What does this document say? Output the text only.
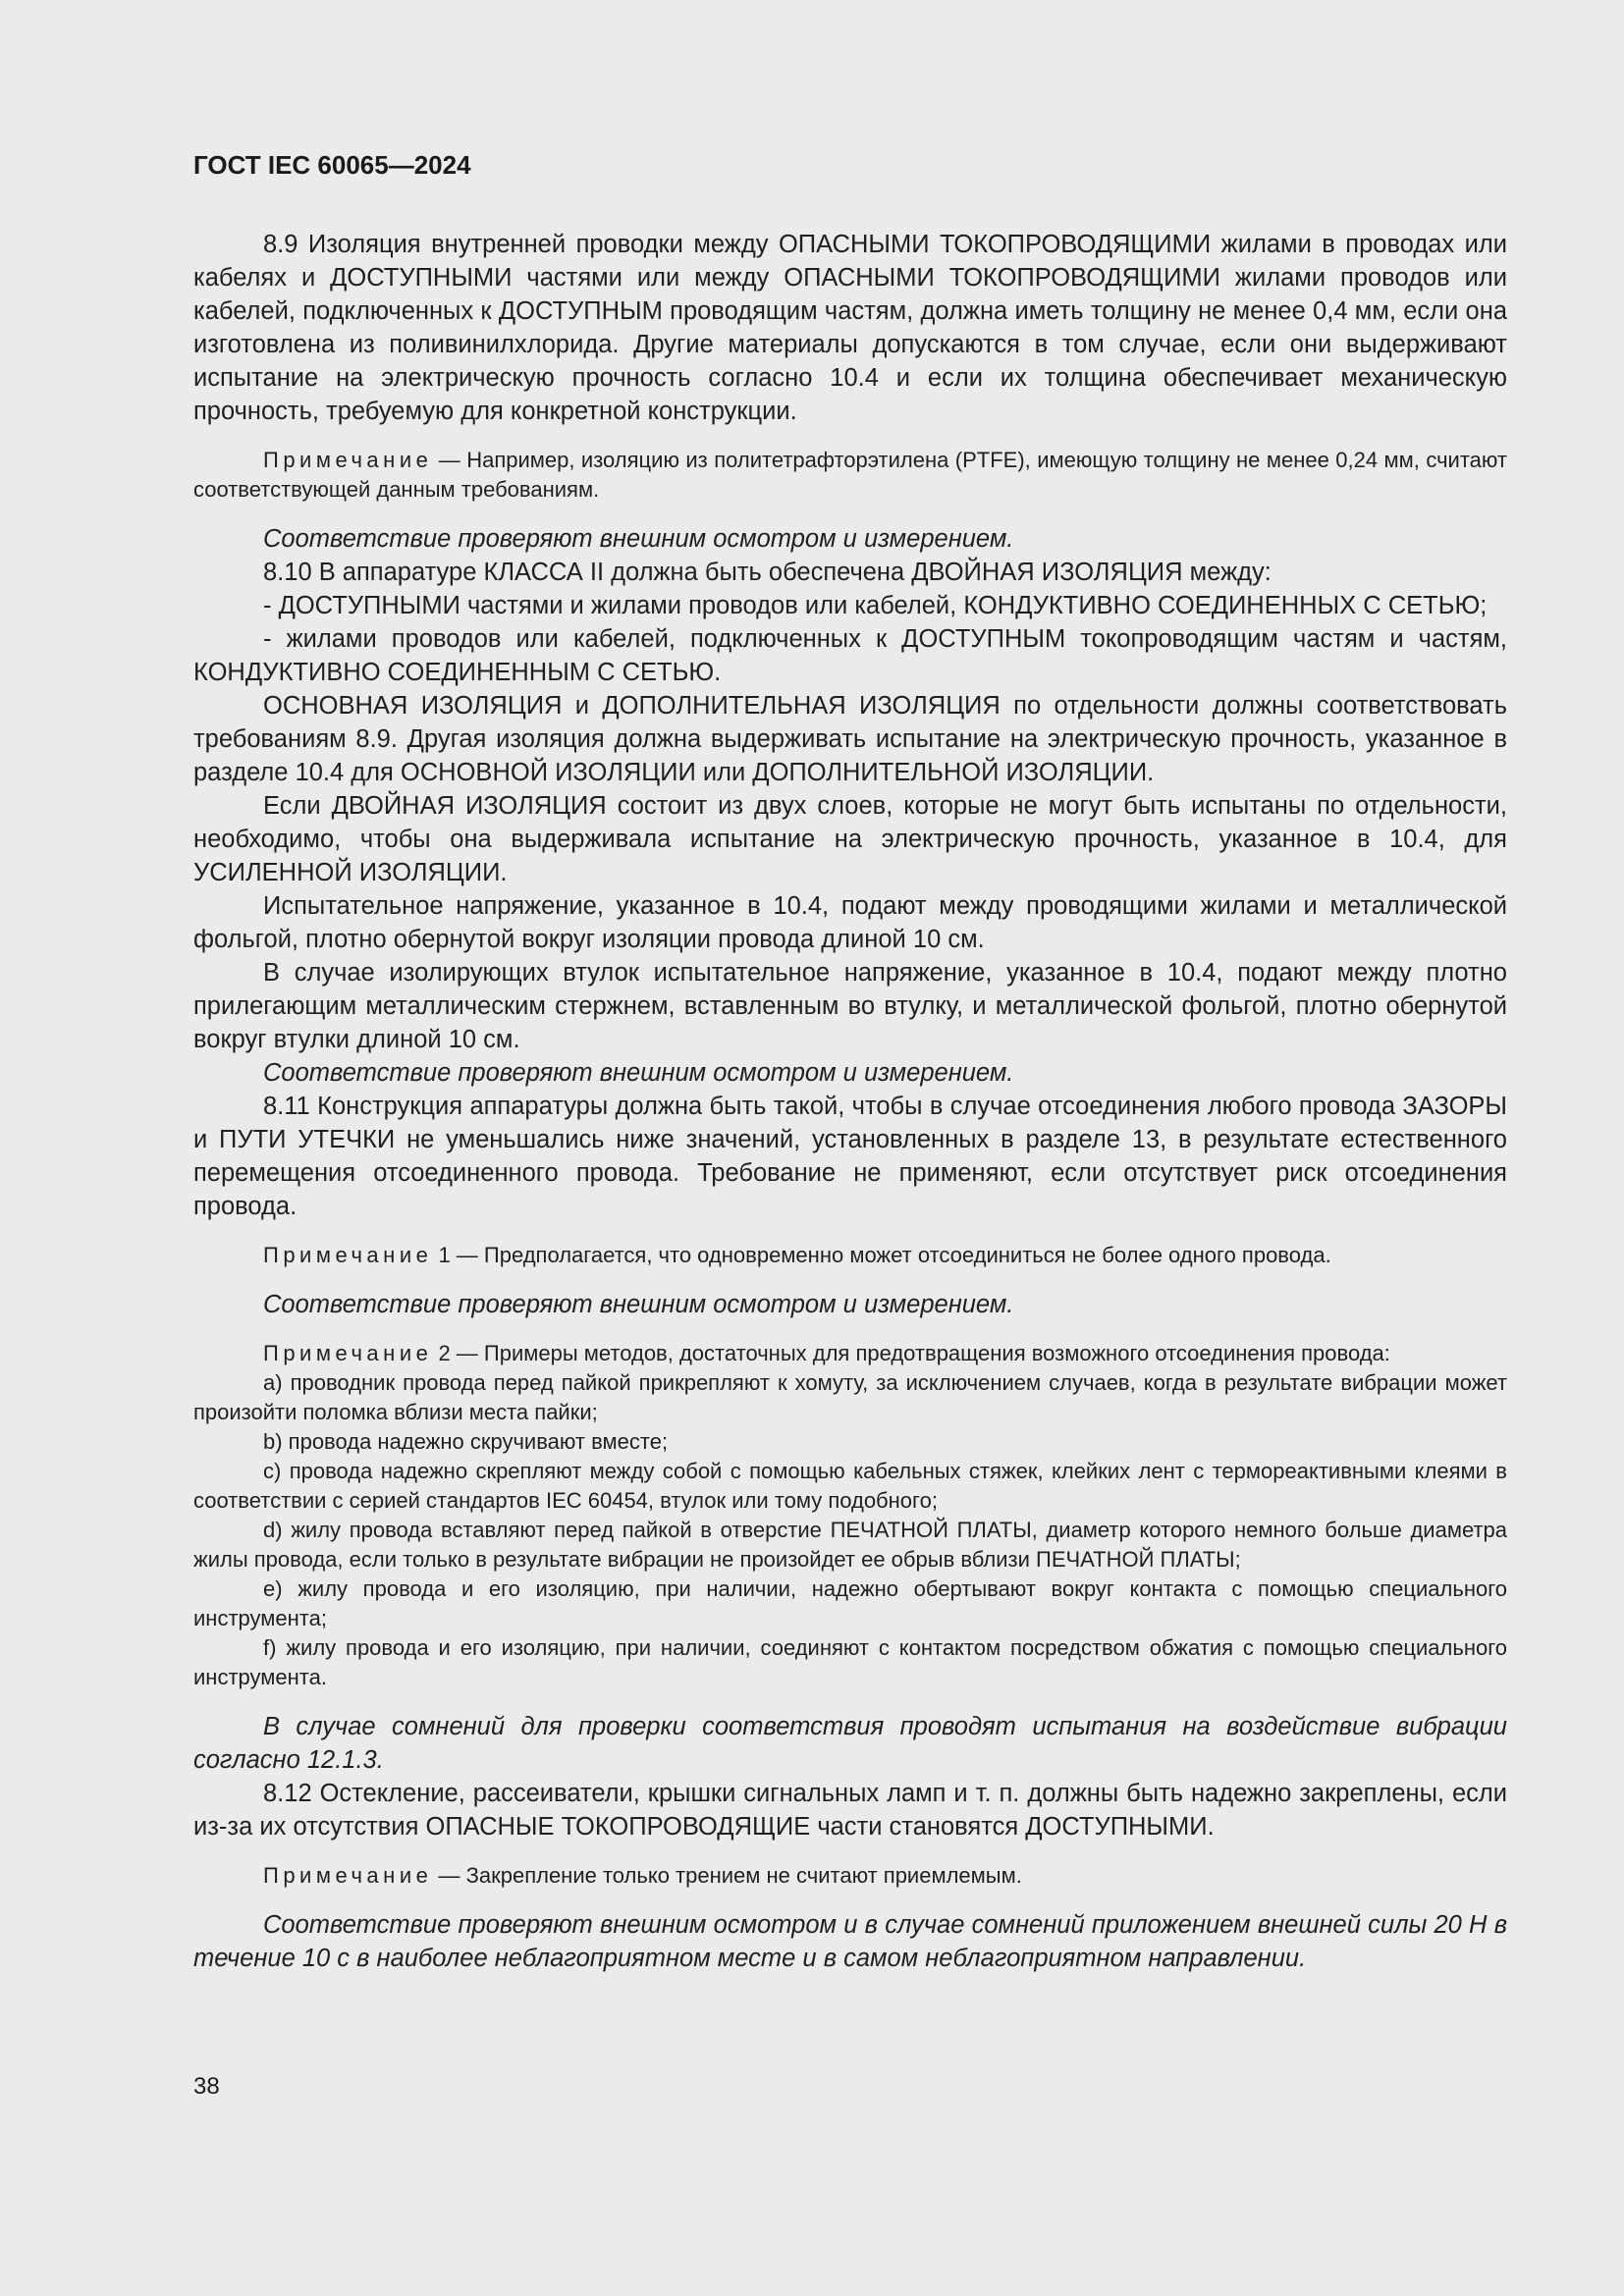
ГОСТ IEC 60065—2024

8.9 Изоляция внутренней проводки между ОПАСНЫМИ ТОКОПРОВОДЯЩИМИ жилами в проводах или кабелях и ДОСТУПНЫМИ частями или между ОПАСНЫМИ ТОКОПРОВОДЯЩИМИ жилами проводов или кабелей, подключенных к ДОСТУПНЫМ проводящим частям, должна иметь толщину не менее 0,4 мм, если она изготовлена из поливинилхлорида. Другие материалы допускаются в том случае, если они выдерживают испытание на электрическую прочность согласно 10.4 и если их толщина обеспечивает механическую прочность, требуемую для конкретной конструкции.

Примечание — Например, изоляцию из политетрафторэтилена (PTFE), имеющую толщину не менее 0,24 мм, считают соответствующей данным требованиям.

Соответствие проверяют внешним осмотром и измерением.

8.10 В аппаратуре КЛАССА II должна быть обеспечена ДВОЙНАЯ ИЗОЛЯЦИЯ между:

- ДОСТУПНЫМИ частями и жилами проводов или кабелей, КОНДУКТИВНО СОЕДИНЕННЫХ С СЕТЬЮ;

- жилами проводов или кабелей, подключенных к ДОСТУПНЫМ токопроводящим частям и частям, КОНДУКТИВНО СОЕДИНЕННЫМ С СЕТЬЮ.

ОСНОВНАЯ ИЗОЛЯЦИЯ и ДОПОЛНИТЕЛЬНАЯ ИЗОЛЯЦИЯ по отдельности должны соответствовать требованиям 8.9. Другая изоляция должна выдерживать испытание на электрическую прочность, указанное в разделе 10.4 для ОСНОВНОЙ ИЗОЛЯЦИИ или ДОПОЛНИТЕЛЬНОЙ ИЗОЛЯЦИИ.

Если ДВОЙНАЯ ИЗОЛЯЦИЯ состоит из двух слоев, которые не могут быть испытаны по отдельности, необходимо, чтобы она выдерживала испытание на электрическую прочность, указанное в 10.4, для УСИЛЕННОЙ ИЗОЛЯЦИИ.

Испытательное напряжение, указанное в 10.4, подают между проводящими жилами и металлической фольгой, плотно обернутой вокруг изоляции провода длиной 10 см.

В случае изолирующих втулок испытательное напряжение, указанное в 10.4, подают между плотно прилегающим металлическим стержнем, вставленным во втулку, и металлической фольгой, плотно обернутой вокруг втулки длиной 10 см.

Соответствие проверяют внешним осмотром и измерением.

8.11 Конструкция аппаратуры должна быть такой, чтобы в случае отсоединения любого провода ЗАЗОРЫ и ПУТИ УТЕЧКИ не уменьшались ниже значений, установленных в разделе 13, в результате естественного перемещения отсоединенного провода. Требование не применяют, если отсутствует риск отсоединения провода.

Примечание 1 — Предполагается, что одновременно может отсоединиться не более одного провода.

Соответствие проверяют внешним осмотром и измерением.

Примечание 2 — Примеры методов, достаточных для предотвращения возможного отсоединения провода:

a) проводник провода перед пайкой прикрепляют к хомуту, за исключением случаев, когда в результате вибрации может произойти поломка вблизи места пайки;

b) провода надежно скручивают вместе;

c) провода надежно скрепляют между собой с помощью кабельных стяжек, клейких лент с термореактивными клеями в соответствии с серией стандартов IEC 60454, втулок или тому подобного;

d) жилу провода вставляют перед пайкой в отверстие ПЕЧАТНОЙ ПЛАТЫ, диаметр которого немного больше диаметра жилы провода, если только в результате вибрации не произойдет ее обрыв вблизи ПЕЧАТНОЙ ПЛАТЫ;

e) жилу провода и его изоляцию, при наличии, надежно обертывают вокруг контакта с помощью специального инструмента;

f) жилу провода и его изоляцию, при наличии, соединяют с контактом посредством обжатия с помощью специального инструмента.

В случае сомнений для проверки соответствия проводят испытания на воздействие вибрации согласно 12.1.3.

8.12 Остекление, рассеиватели, крышки сигнальных ламп и т. п. должны быть надежно закреплены, если из-за их отсутствия ОПАСНЫЕ ТОКОПРОВОДЯЩИЕ части становятся ДОСТУПНЫМИ.

Примечание — Закрепление только трением не считают приемлемым.

Соответствие проверяют внешним осмотром и в случае сомнений приложением внешней силы 20 Н в течение 10 с в наиболее неблагоприятном месте и в самом неблагоприятном направлении.

38
